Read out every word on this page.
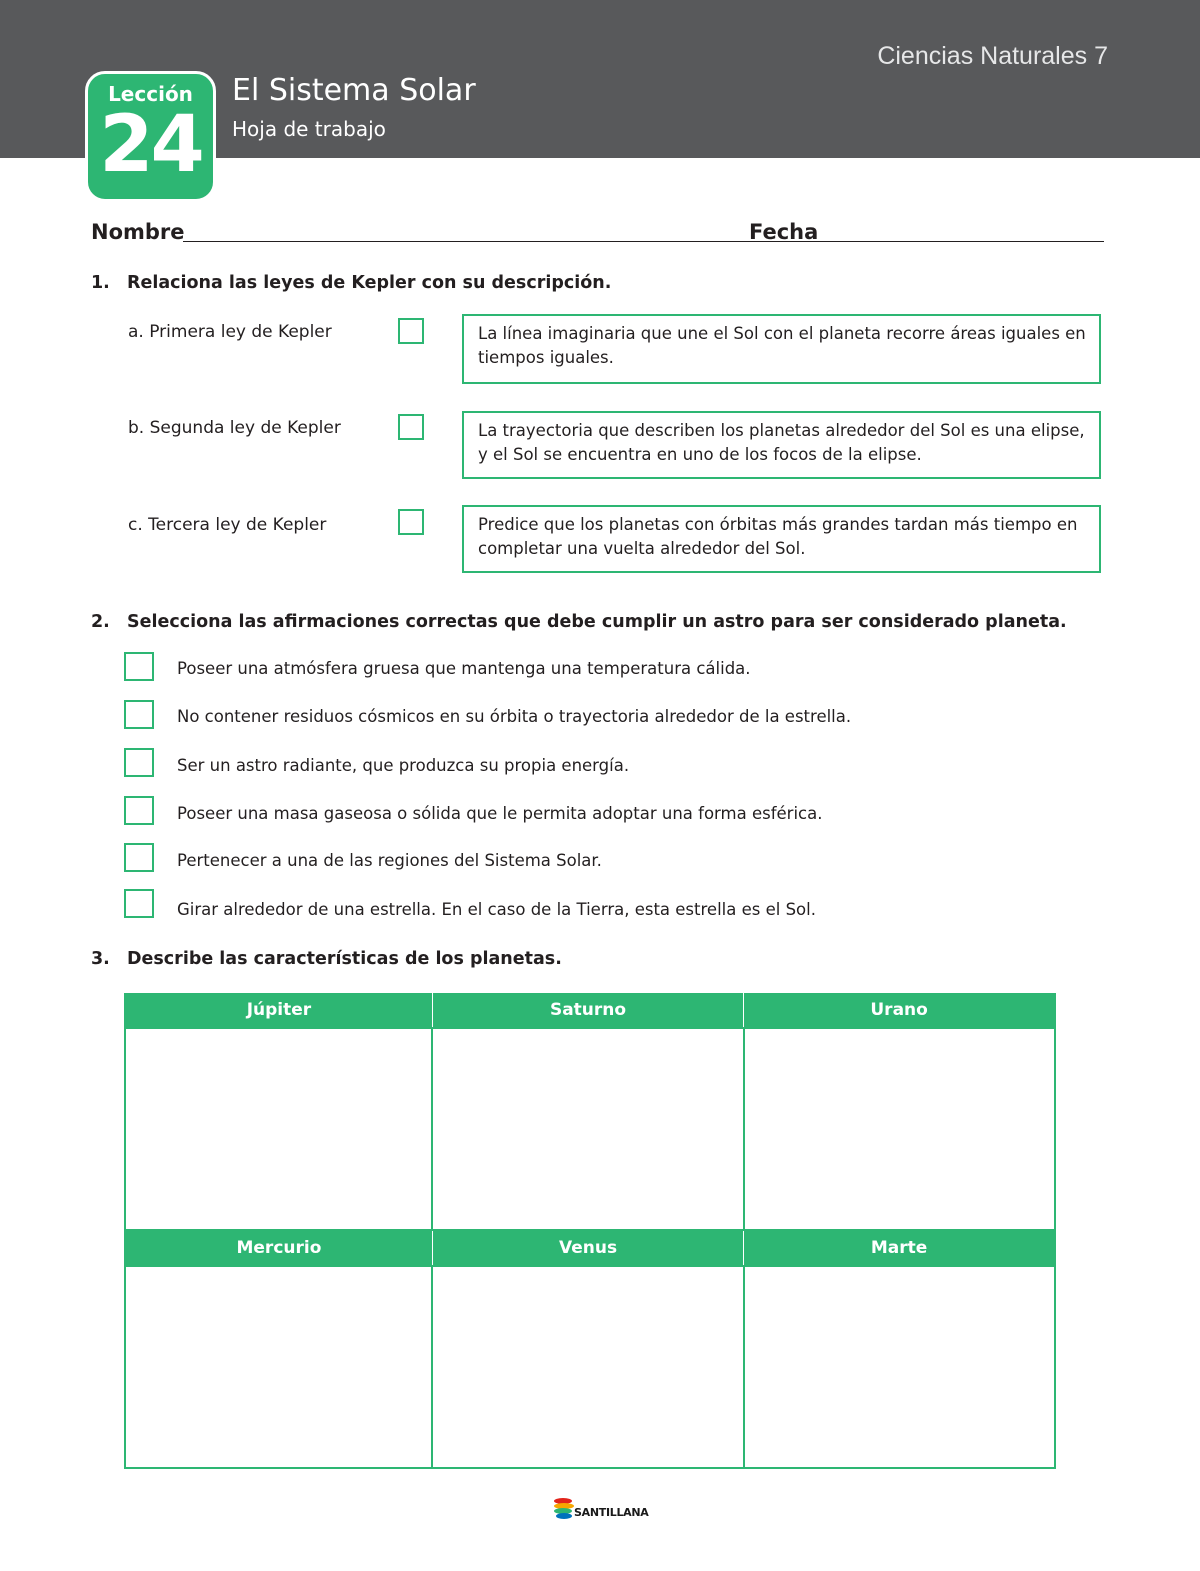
Ciencias Naturales 7
Lección
24
El Sistema Solar
Hoja de trabajo
Nombre	Fecha
1. Relaciona las leyes de Kepler con su descripción.
a. Primera ley de Kepler	La línea imaginaria que une el Sol con el planeta recorre áreas iguales en tiempos iguales.
b. Segunda ley de Kepler	La trayectoria que describen los planetas alrededor del Sol es una elipse, y el Sol se encuentra en uno de los focos de la elipse.
c. Tercera ley de Kepler	Predice que los planetas con órbitas más grandes tardan más tiempo en completar una vuelta alrededor del Sol.
2. Selecciona las afirmaciones correctas que debe cumplir un astro para ser considerado planeta.
Poseer una atmósfera gruesa que mantenga una temperatura cálida.
No contener residuos cósmicos en su órbita o trayectoria alrededor de la estrella.
Ser un astro radiante, que produzca su propia energía.
Poseer una masa gaseosa o sólida que le permita adoptar una forma esférica.
Pertenecer a una de las regiones del Sistema Solar.
Girar alrededor de una estrella. En el caso de la Tierra, esta estrella es el Sol.
3. Describe las características de los planetas.
Júpiter	Saturno	Urano

Mercurio	Venus	Marte

SANTILLANA
